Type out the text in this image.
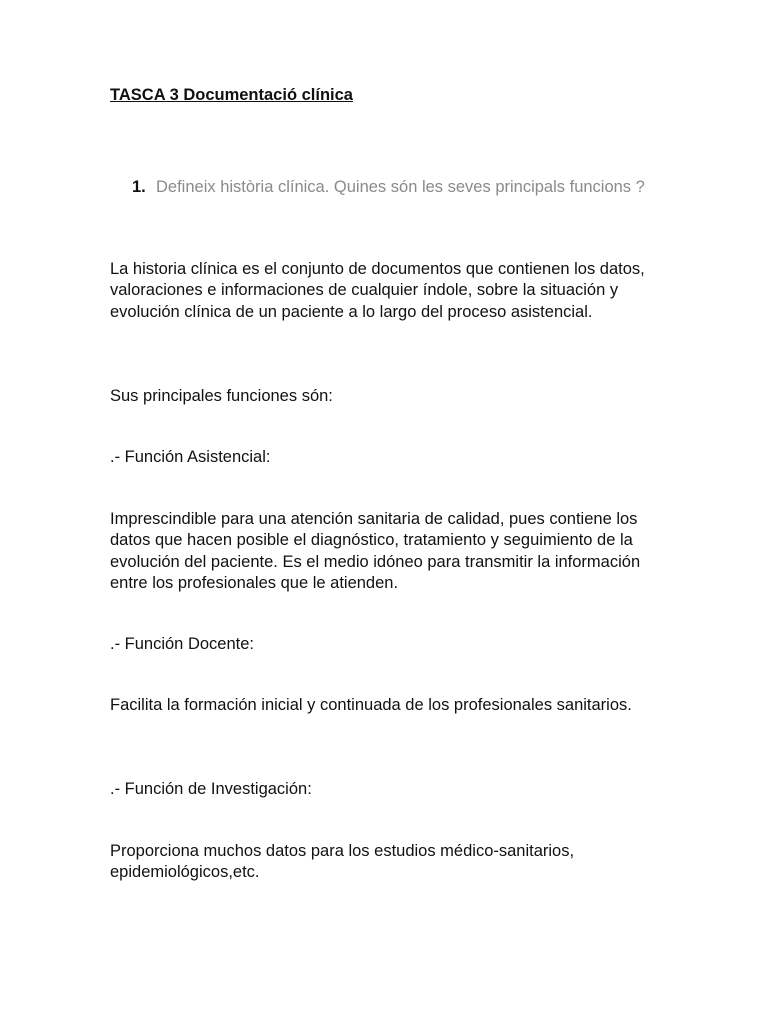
TASCA 3 Documentació clínica
1. Defineix història clínica. Quines són les seves principals funcions ?

La historia clínica es el conjunto de documentos que contienen los datos, valoraciones e informaciones de cualquier índole, sobre la situación y evolución clínica de un paciente a lo largo del proceso asistencial.

Sus principales funciones són:

.- Función Asistencial:

Imprescindible para una atención sanitaria de calidad, pues contiene los datos que hacen posible el diagnóstico, tratamiento y seguimiento de la evolución del paciente. Es el medio idóneo para transmitir la información entre los profesionales que le atienden.

.- Función Docente:

Facilita la formación inicial y continuada de los profesionales sanitarios.

.- Función de Investigación:

Proporciona muchos datos para los estudios médico-sanitarios, epidemiológicos,etc.
